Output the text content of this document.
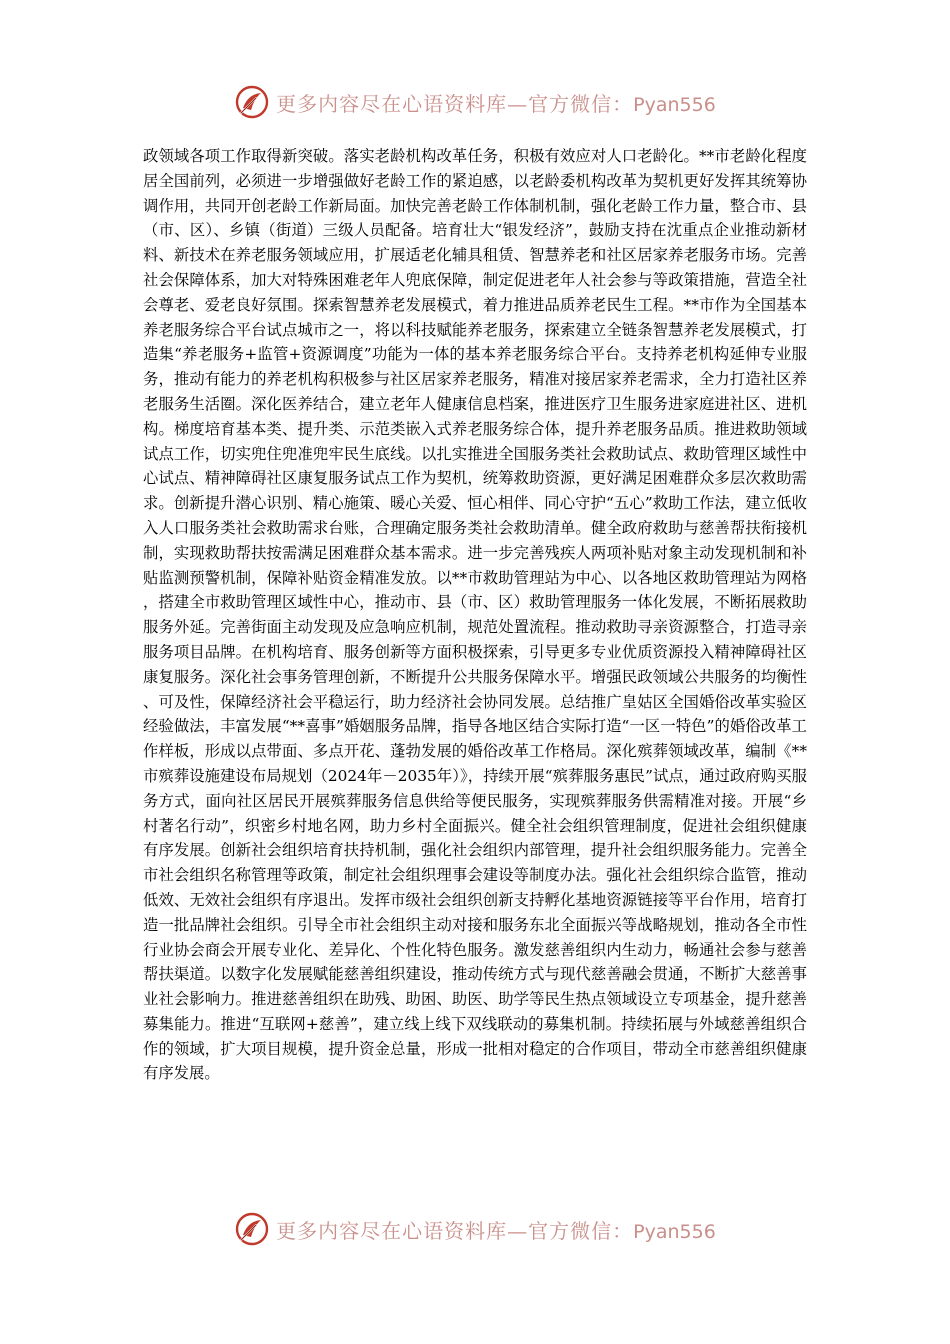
更多内容尽在心语资料库—官方微信：Pyan556

政领域各项工作取得新突破。落实老龄机构改革任务，积极有效应对人口老龄化。**市老龄化程度居全国前列，必须进一步增强做好老龄工作的紧迫感，以老龄委机构改革为契机更好发挥其统筹协调作用，共同开创老龄工作新局面。加快完善老龄工作体制机制，强化老龄工作力量，整合市、县（市、区）、乡镇（街道）三级人员配备。培育壮大“银发经济”，鼓励支持在沈重点企业推动新材料、新技术在养老服务领域应用，扩展适老化辅具租赁、智慧养老和社区居家养老服务市场。完善社会保障体系，加大对特殊困难老年人兜底保障，制定促进老年人社会参与等政策措施，营造全社会尊老、爱老良好氛围。探索智慧养老发展模式，着力推进品质养老民生工程。**市作为全国基本养老服务综合平台试点城市之一，将以科技赋能养老服务，探索建立全链条智慧养老发展模式，打造集“养老服务+监管+资源调度”功能为一体的基本养老服务综合平台。支持养老机构延伸专业服务，推动有能力的养老机构积极参与社区居家养老服务，精准对接居家养老需求，全力打造社区养老服务生活圈。深化医养结合，建立老年人健康信息档案，推进医疗卫生服务进家庭进社区、进机构。梯度培育基本类、提升类、示范类嵌入式养老服务综合体，提升养老服务品质。推进救助领域试点工作，切实兜住兜准兜牢民生底线。以扎实推进全国服务类社会救助试点、救助管理区域性中心试点、精神障碍社区康复服务试点工作为契机，统筹救助资源，更好满足困难群众多层次救助需求。创新提升潜心识别、精心施策、暖心关爱、恒心相伴、同心守护“五心”救助工作法，建立低收入人口服务类社会救助需求台账，合理确定服务类社会救助清单。健全政府救助与慈善帮扶衔接机制，实现救助帮扶按需满足困难群众基本需求。进一步完善残疾人两项补贴对象主动发现机制和补贴监测预警机制，保障补贴资金精准发放。以**市救助管理站为中心、以各地区救助管理站为网格，搭建全市救助管理区域性中心，推动市、县（市、区）救助管理服务一体化发展，不断拓展救助服务外延。完善街面主动发现及应急响应机制，规范处置流程。推动救助寻亲资源整合，打造寻亲服务项目品牌。在机构培育、服务创新等方面积极探索，引导更多专业优质资源投入精神障碍社区康复服务。深化社会事务管理创新，不断提升公共服务保障水平。增强民政领域公共服务的均衡性、可及性，保障经济社会平稳运行，助力经济社会协同发展。总结推广皇姑区全国婚俗改革实验区经验做法，丰富发展“**喜事”婚姻服务品牌，指导各地区结合实际打造“一区一特色”的婚俗改革工作样板，形成以点带面、多点开花、蓬勃发展的婚俗改革工作格局。深化殡葬领域改革，编制《**市殡葬设施建设布局规划（2024年－2035年）》，持续开展“殡葬服务惠民”试点，通过政府购买服务方式，面向社区居民开展殡葬服务信息供给等便民服务，实现殡葬服务供需精准对接。开展“乡村著名行动”，织密乡村地名网，助力乡村全面振兴。健全社会组织管理制度，促进社会组织健康有序发展。创新社会组织培育扶持机制，强化社会组织内部管理，提升社会组织服务能力。完善全市社会组织名称管理等政策，制定社会组织理事会建设等制度办法。强化社会组织综合监管，推动低效、无效社会组织有序退出。发挥市级社会组织创新支持孵化基地资源链接等平台作用，培育打造一批品牌社会组织。引导全市社会组织主动对接和服务东北全面振兴等战略规划，推动各全市性行业协会商会开展专业化、差异化、个性化特色服务。激发慈善组织内生动力，畅通社会参与慈善帮扶渠道。以数字化发展赋能慈善组织建设，推动传统方式与现代慈善融会贯通，不断扩大慈善事业社会影响力。推进慈善组织在助残、助困、助医、助学等民生热点领域设立专项基金，提升慈善募集能力。推进“互联网+慈善”，建立线上线下双线联动的募集机制。持续拓展与外域慈善组织合作的领域，扩大项目规模，提升资金总量，形成一批相对稳定的合作项目，带动全市慈善组织健康有序发展。

更多内容尽在心语资料库—官方微信：Pyan556
